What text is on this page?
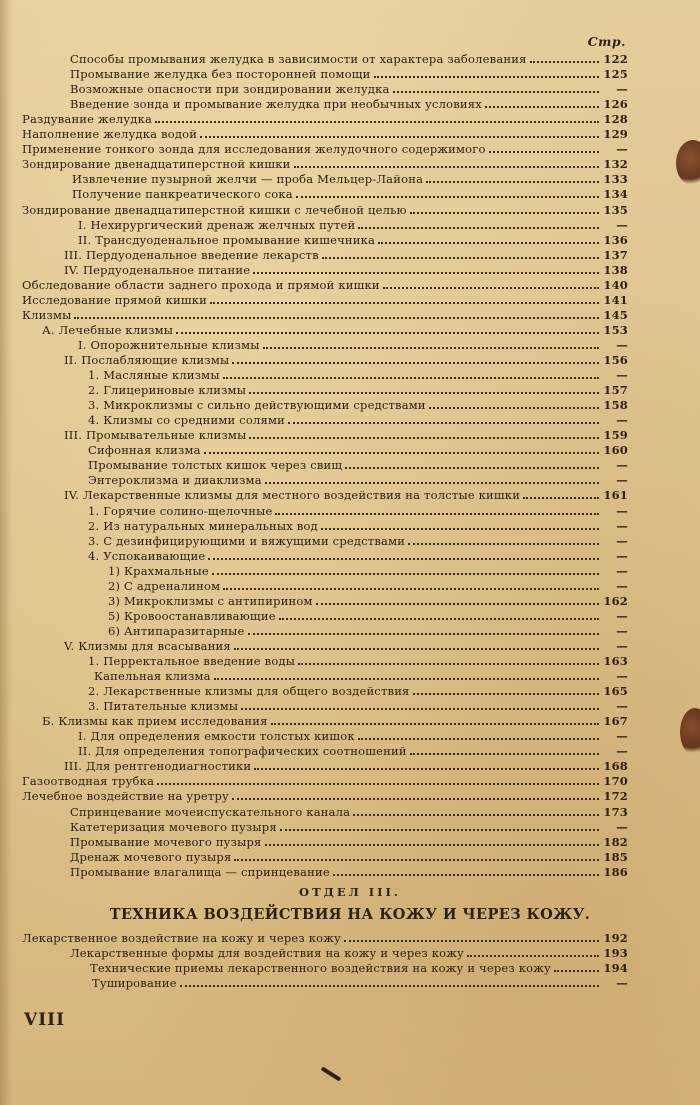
Стр.
Способы промывания желудка в зависимости от характера заболевания	122
Промывание желудка без посторонней помощи	125
Возможные опасности при зондировании желудка	—
Введение зонда и промывание желудка при необычных условиях	126
Раздувание желудка	128
Наполнение желудка водой	129
Применение тонкого зонда для исследования желудочного содержимого	—
Зондирование двенадцатиперстной кишки	132
Извлечение пузырной желчи — проба Мельцер-Лайона	133
Получение панкреатического сока	134
Зондирование двенадцатиперстной кишки с лечебной целью	135
I. Нехирургический дренаж желчных путей	—
II. Трансдуоденальное промывание кишечника	136
III. Пердуоденальное введение лекарств	137
IV. Пердуоденальное питание	138
Обследование области заднего прохода и прямой кишки	140
Исследование прямой кишки	141
Клизмы	145
А. Лечебные клизмы	153
I. Опорожнительные клизмы	—
II. Послабляющие клизмы	156
1. Масляные клизмы	—
2. Глицериновые клизмы	157
3. Микроклизмы с сильно действующими средствами	158
4. Клизмы со средними солями	—
III. Промывательные клизмы	159
Сифонная клизма	160
Промывание толстых кишок через свищ	—
Энтероклизма и диаклизма	—
IV. Лекарственные клизмы для местного воздействия на толстые кишки	161
1. Горячие солино-щелочные	—
2. Из натуральных минеральных вод	—
3. С дезинфицирующими и вяжущими средствами	—
4. Успокаивающие	—
1) Крахмальные	—
2) С адреналином	—
3) Микроклизмы с антипирином	162
5) Кровоостанавливающие	—
6) Антипаразитарные	—
V. Клизмы для всасывания	—
1. Перректальное введение воды	163
Капельная клизма	—
2. Лекарственные клизмы для общего воздействия	165
3. Питательные клизмы	—
Б. Клизмы как прием исследования	167
I. Для определения емкости толстых кишок	—
II. Для определения топографических соотношений	—
III. Для рентгенодиагностики	168
Газоотводная трубка	170
Лечебное воздействие на уретру	172
Спринцевание мочеиспускательного канала	173
Катетеризация мочевого пузыря	—
Промывание мочевого пузыря	182
Дренаж мочевого пузыря	185
Промывание влагалища — спринцевание	186
ОТДЕЛ III.
ТЕХНИКА ВОЗДЕЙСТВИЯ НА КОЖУ И ЧЕРЕЗ КОЖУ.
Лекарственное воздействие на кожу и через кожу	192
Лекарственные формы для воздействия на кожу и через кожу	193
Технические приемы лекарственного воздействия на кожу и через кожу	194
Туширование	—
VIII
